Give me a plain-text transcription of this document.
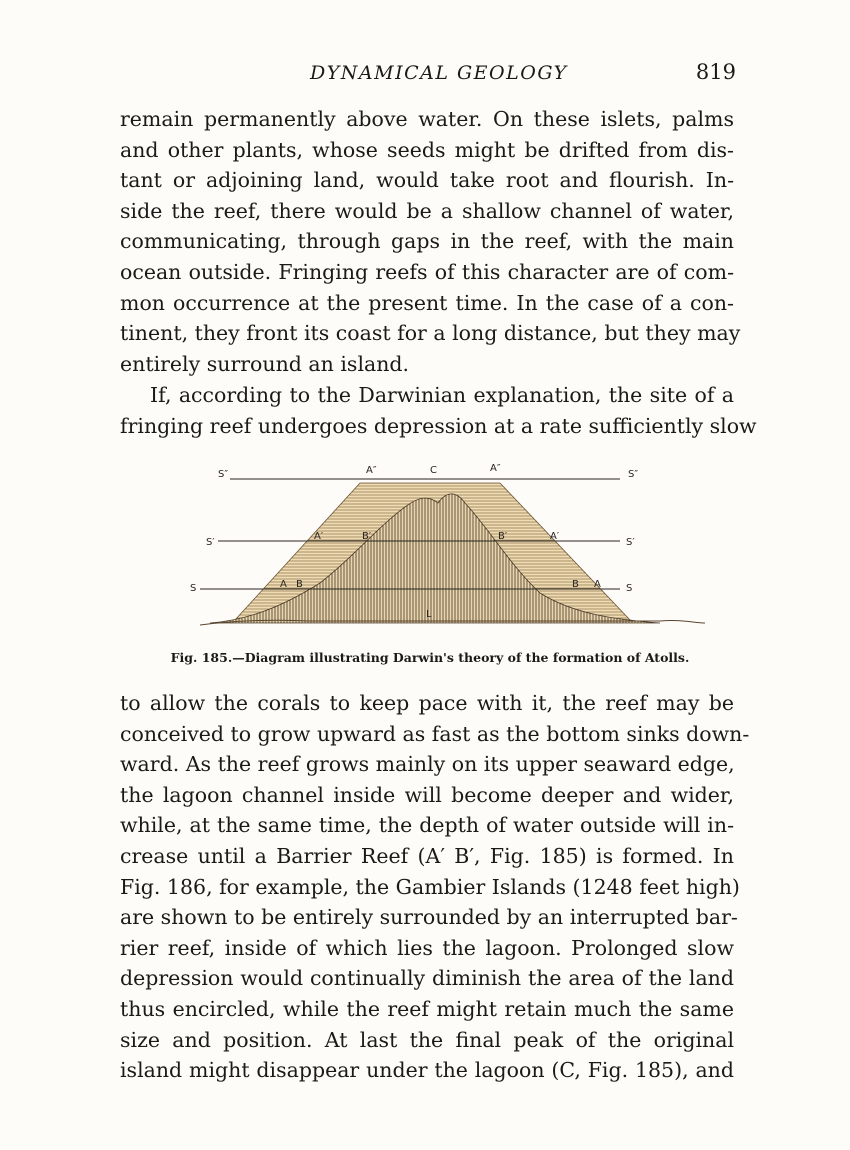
DYNAMICAL GEOLOGY	819

remain permanently above water. On these islets, palms
and other plants, whose seeds might be drifted from dis-
tant or adjoining land, would take root and flourish. In-
side the reef, there would be a shallow channel of water,
communicating, through gaps in the reef, with the main
ocean outside. Fringing reefs of this character are of com-
mon occurrence at the present time. In the case of a con-
tinent, they front its coast for a long distance, but they may
entirely surround an island.

If, according to the Darwinian explanation, the site of a
fringing reef undergoes depression at a rate sufficiently slow

S″	S″
A″	C	A″
S′	S′
A′	B′	B′	A′
S	S
A B	B A
L
Fig. 185.—Diagram illustrating Darwin's theory of the formation of Atolls.

to allow the corals to keep pace with it, the reef may be
conceived to grow upward as fast as the bottom sinks down-
ward. As the reef grows mainly on its upper seaward edge,
the lagoon channel inside will become deeper and wider,
while, at the same time, the depth of water outside will in-
crease until a Barrier Reef (A′ B′, Fig. 185) is formed. In
Fig. 186, for example, the Gambier Islands (1248 feet high)
are shown to be entirely surrounded by an interrupted bar-
rier reef, inside of which lies the lagoon. Prolonged slow
depression would continually diminish the area of the land
thus encircled, while the reef might retain much the same
size and position. At last the final peak of the original
island might disappear under the lagoon (C, Fig. 185), and
